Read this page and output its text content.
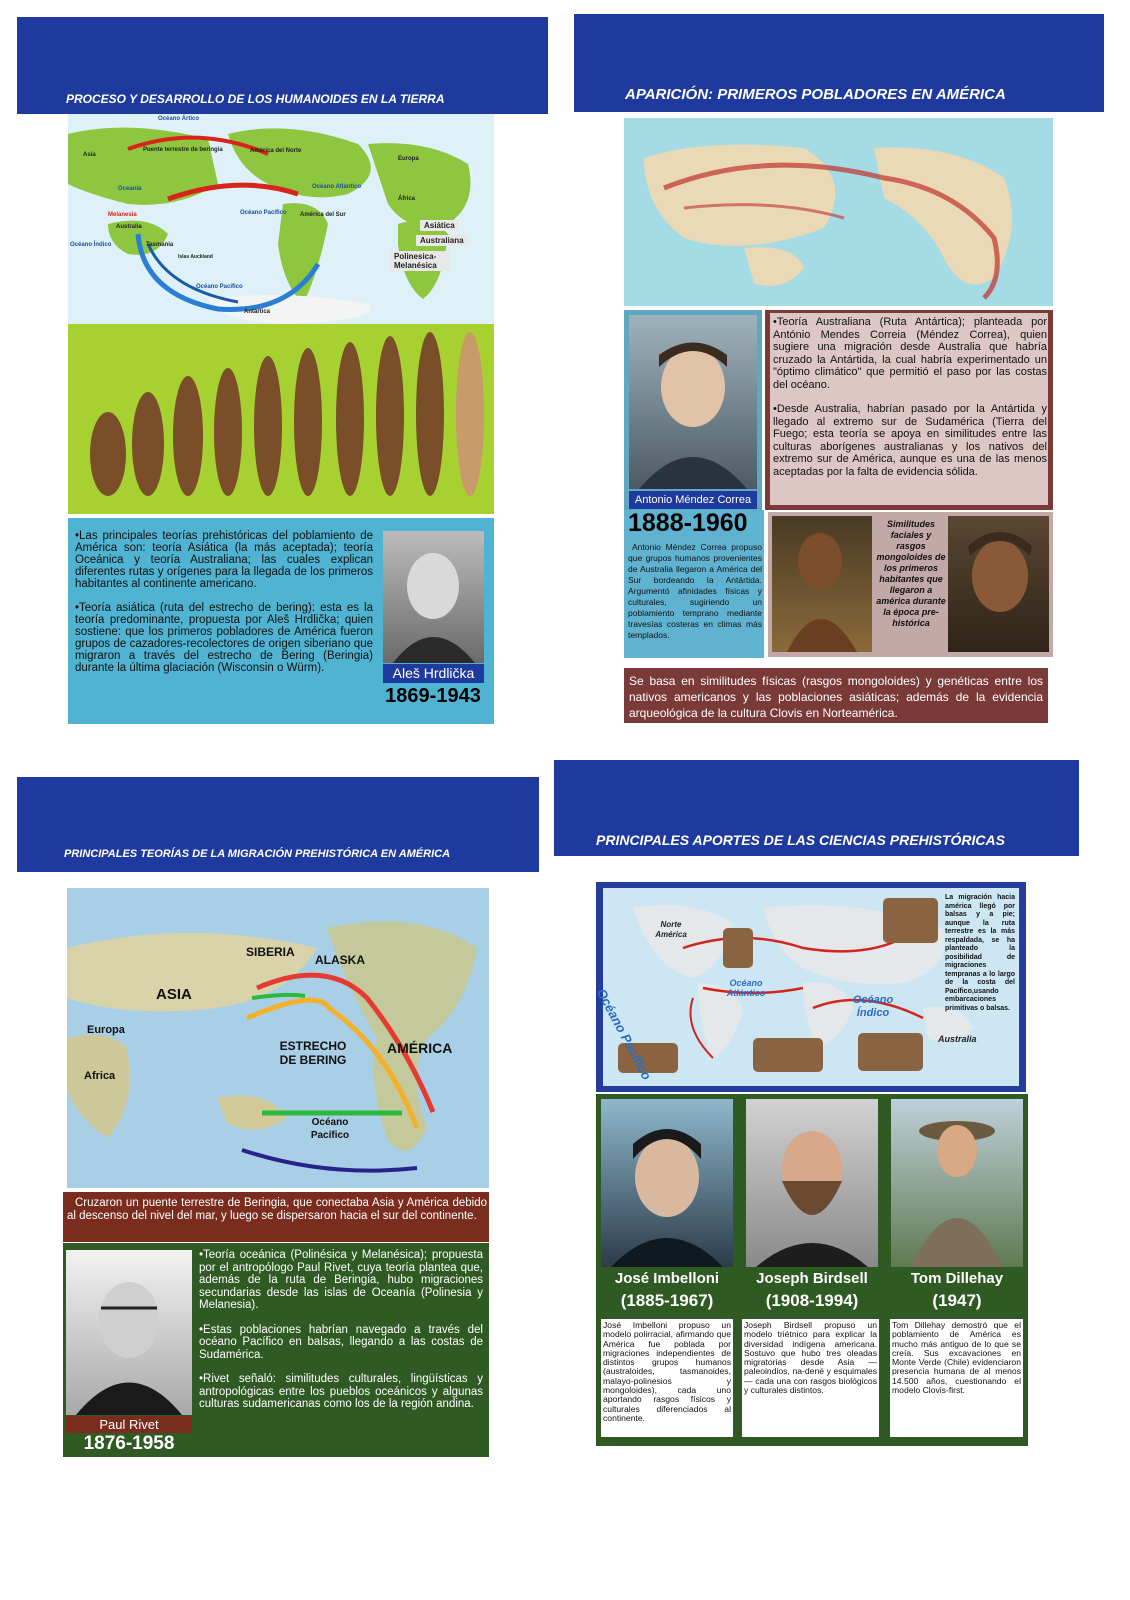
PROCESO Y DESARROLLO DE LOS HUMANOIDES EN LA TIERRA
Océano Ártico
Puente terrestre de beringia	América del Norte
Asia
Europa
Oceanía	Océano Atlántico
África
Melanesia
Australia
Océano Pacífico América del Sur
Océano Índico	Tasmania
Islas Auckland
Océano Pacífico
Antártica
Asiática
Australiana
Polinesica-Melanésica

• Las principales teorías prehistóricas del poblamiento de América son: teoría Asiática (la más aceptada); teoría Oceánica y teoría Australiana; las cuales explican diferentes rutas y orígenes para la llegada de los primeros habitantes al continente americano.

• Teoría asiática (ruta del estrecho de bering): esta es la teoría predominante, propuesta por Aleš Hrdlička; quien sostiene: que los primeros pobladores de América fueron grupos de cazadores-recolectores de origen siberiano que migraron a través del estrecho de Bering (Beringia) durante la última glaciación (Wisconsin o Würm).	Aleš Hrdlička
1869-1943
APARICIÓN: PRIMEROS POBLADORES EN AMÉRICA
Antonio Méndez Correa

• Teoría Australiana (Ruta Antártica); planteada por António Mendes Correia (Méndez Correa), quien sugiere una migración desde Australia que habría cruzado la Antártida, la cual habría experimentado un "óptimo climático" que permitió el paso por las costas del océano.

• Desde Australia, habrían pasado por la Antártida y llegado al extremo sur de Sudamérica (Tierra del Fuego; esta teoría se apoya en similitudes entre las culturas aborígenes australianas y los nativos del extremo sur de América, aunque es una de las menos aceptadas por la falta de evidencia sólida.

1888-1960
Antonio Méndez Correa propuso que grupos humanos provenientes de Australia llegaron a América del Sur bordeando la Antártida. Argumentó afinidades físicas y culturales, sugiriendo un poblamiento temprano mediante travesías costeras en climas más templados.
Similitudes faciales y rasgos mongoloides de los primeros habitantes que llegaron a américa durante la época pre-histórica
Se basa en similitudes físicas (rasgos mongoloides) y genéticas entre los nativos americanos y las poblaciones asiáticas; además de la evidencia arqueológica de la cultura Clovis en Norteamérica.
PRINCIPALES TEORÍAS DE LA MIGRACIÓN PREHISTÓRICA EN AMÉRICA
SIBERIA
ALASKA
ASIA
Europa
Africa
ESTRECHO DE BERING
AMÉRICA
Océano Pacífico
Cruzaron un puente terrestre de Beringia, que conectaba Asia y América debido al descenso del nivel del mar, y luego se dispersaron hacia el sur del continente.
Paul Rivet
1876-1958

• Teoría oceánica (Polinésica y Melanésica); propuesta por el antropólogo Paul Rivet, cuya teoría plantea que, además de la ruta de Beringia, hubo migraciones secundarias desde las islas de Oceanía (Polinesia y Melanesia).

• Estas poblaciones habrían navegado a través del océano Pacífico en balsas, llegando a las costas de Sudamérica.

• Rivet señaló: similitudes culturales, lingüísticas y antropológicas entre los pueblos oceánicos y algunas culturas sudamericanas como los de la región andina.

PRINCIPALES APORTES DE LAS CIENCIAS PREHISTÓRICAS
Norte América
Océano Pacífico
Océano Atlántico
Océano Índico
Australia
La migración hacia américa llegó por balsas y a pie; aunque la ruta terrestre es la más respaldada, se ha planteado la posibilidad de migraciones tempranas a lo largo de la costa del Pacífico,usando embarcaciones primitivas o balsas.
José Imbelloni
(1885-1967)
José Imbelloni propuso un modelo polirracial, afirmando que América fue poblada por migraciones independientes de distintos grupos humanos (australoides, tasmanoides, malayo-polinesios y mongoloides), cada uno aportando rasgos físicos y culturales diferenciados al continente.
Joseph Birdsell
(1908-1994)
Joseph Birdsell propuso un modelo triétnico para explicar la diversidad indígena americana. Sostuvo que hubo tres oleadas migratorias desde Asia —paleoindios, na-dené y esquimales— cada una con rasgos biológicos y culturales distintos.
Tom Dillehay
(1947)
Tom Dillehay demostró que el poblamiento de América es mucho más antiguo de lo que se creía. Sus excavaciones en Monte Verde (Chile) evidenciaron presencia humana de al menos 14.500 años, cuestionando el modelo Clovis-first.
